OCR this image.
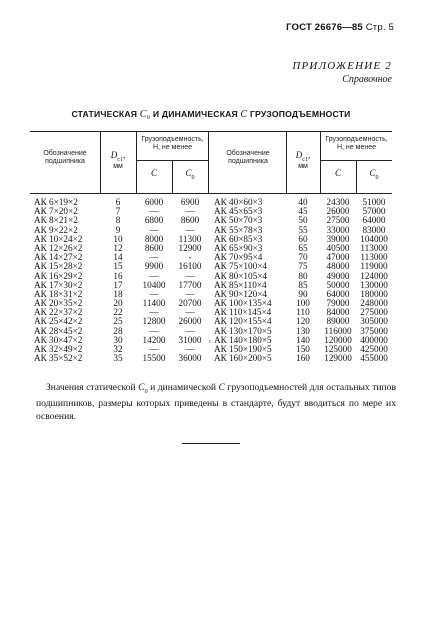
ГОСТ 26676—85 Стр. 5
ПРИЛОЖЕНИЕ 2
Справочное
СТАТИЧЕСКАЯ C₀ И ДИНАМИЧЕСКАЯ C ГРУЗОПОДЪЕМНОСТИ
Обозначение подшипника
$D_{c1}$,
мм
Грузоподъемность, Н, не менее
C	$C_0$
Обозначение подшипника
$D_{c1}$,
мм
Грузоподъемность, Н, не менее
C	$C_0$
АК 6×19×2	6	6000	6900
АК 7×20×2	7	—	—
АК 8×21×2	8	6800	8600
АК 9×22×2	9	—	—
АК 10×24×2	10	8000	11300
АК 12×26×2	12	8600	12900
АК 14×27×2	14	—	-
АК 15×28×2	15	9900	16100
АК 16×29×2	16	—	—
АК 17×30×2	17	10400	17700
АК 18×31×2	18	—	—
АК 20×35×2	20	11400	20700
АК 22×37×2	22	—	—
АК 25×42×2	25	12800	26000
АК 28×45×2	28	—	—
АК 30×47×2	30	14200	31000
АК 32×49×2	32	—	—
АК 35×52×2	35	15500	36000
АК 40×60×3	40	24300	51000
АК 45×65×3	45	26000	57000
АК 50×70×3	50	27500	64000
АК 55×78×3	55	33000	83000
АК 60×85×3	60	39000	104000
АК 65×90×3	65	40500	113000
АК 70×95×4	70	47000	113000
АК 75×100×4	75	48000	119000
АК 80×105×4	80	49000	124000
АК 85×110×4	85	50000	130000
АК 90×120×4	90	64000	180000
АК 100×135×4	100	79000	248000
АК 110×145×4	110	84000	275000
АК 120×155×4	120	89000	305000
АК 130×170×5	130	116000 375000
АК 140×180×5	140	120000 400000
АК 150×190×5	150	125000 425000
АК 160×200×5	160	129000 455000
ı
Значения статической $C_0$ и динамической C грузоподъемностей для остальных типов подшипников, размеры которых приведены в стандарте, будут вводиться по мере их освоения.
